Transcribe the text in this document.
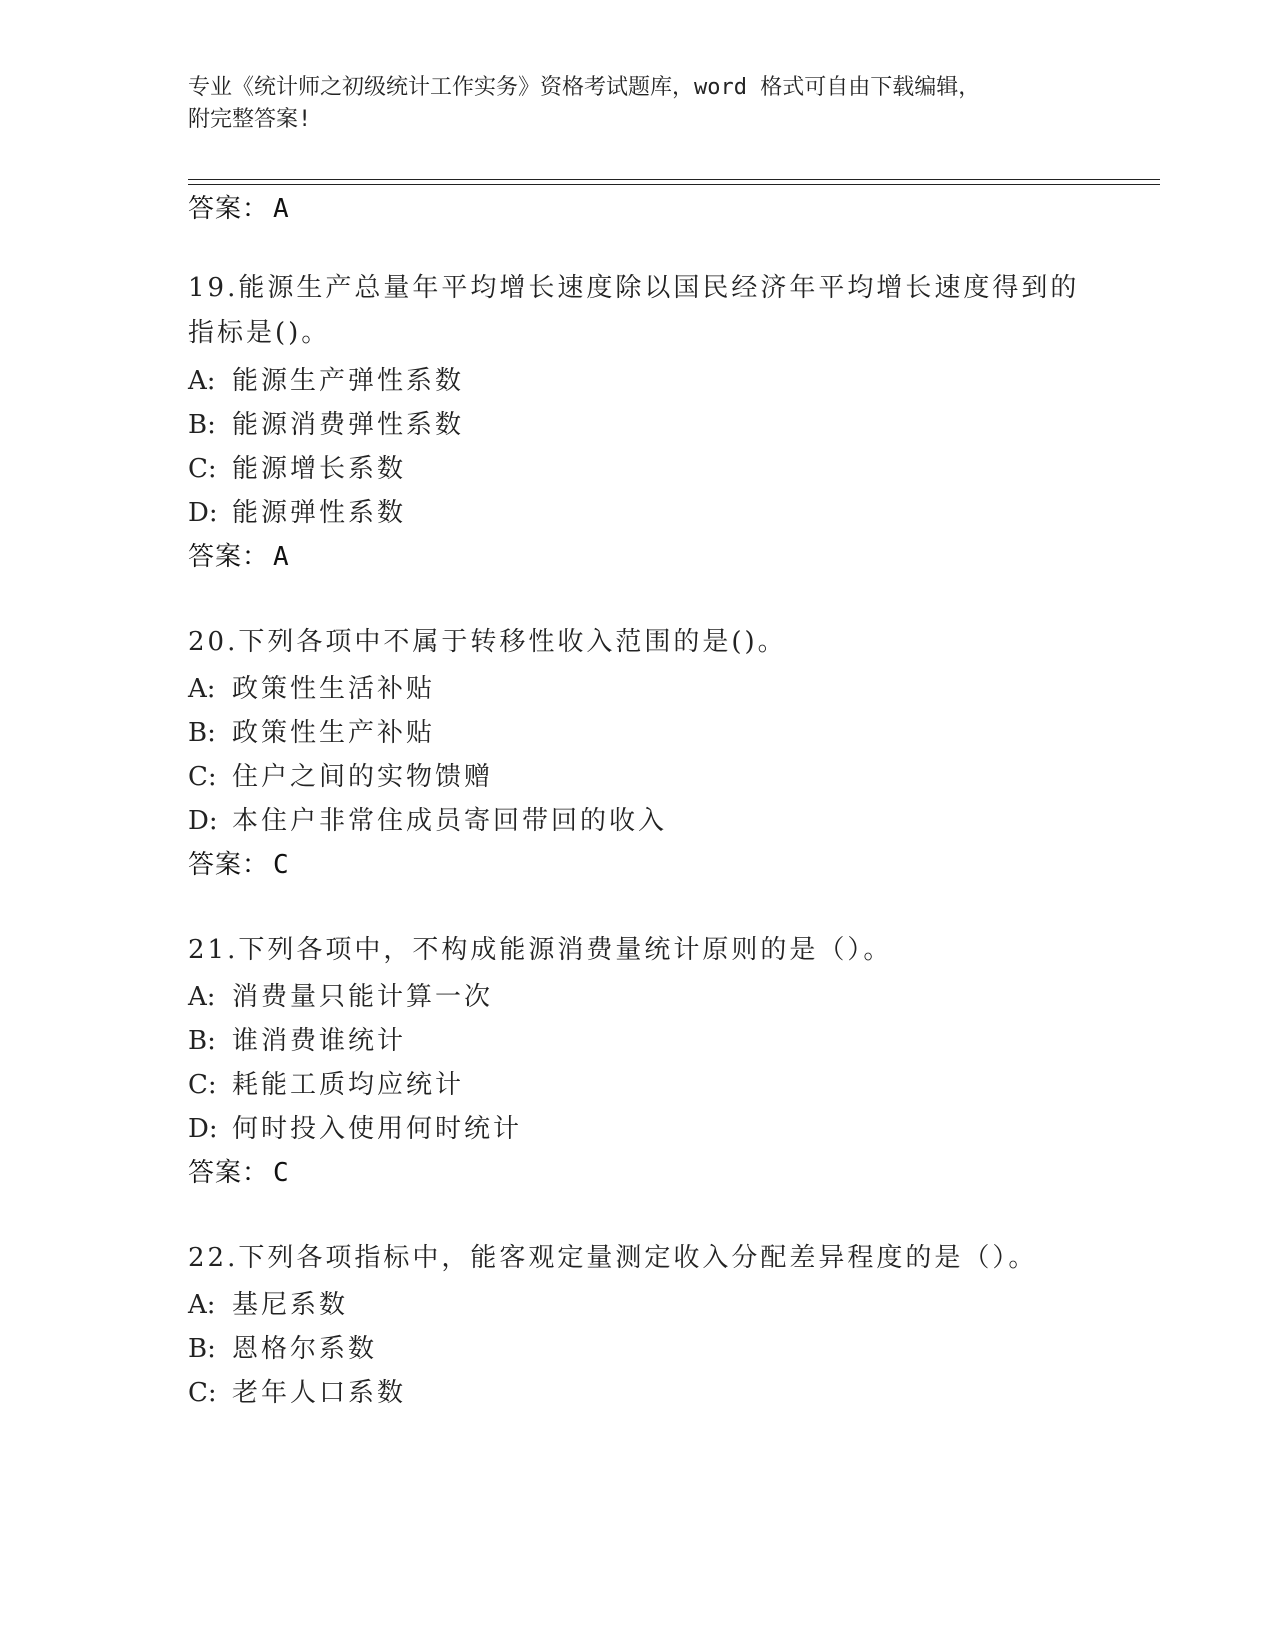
专业《统计师之初级统计工作实务》资格考试题库，word 格式可自由下载编辑，
附完整答案!
答案： A
19.能源生产总量年平均增长速度除以国民经济年平均增长速度得到的
指标是()。
A: 能源生产弹性系数
B: 能源消费弹性系数
C: 能源增长系数
D: 能源弹性系数
答案： A
20.下列各项中不属于转移性收入范围的是()。
A: 政策性生活补贴
B: 政策性生产补贴
C: 住户之间的实物馈赠
D: 本住户非常住成员寄回带回的收入
答案： C
21.下列各项中，不构成能源消费量统计原则的是（）。
A: 消费量只能计算一次
B: 谁消费谁统计
C: 耗能工质均应统计
D: 何时投入使用何时统计
答案： C
22.下列各项指标中，能客观定量测定收入分配差异程度的是（）。
A: 基尼系数
B: 恩格尔系数
C: 老年人口系数
